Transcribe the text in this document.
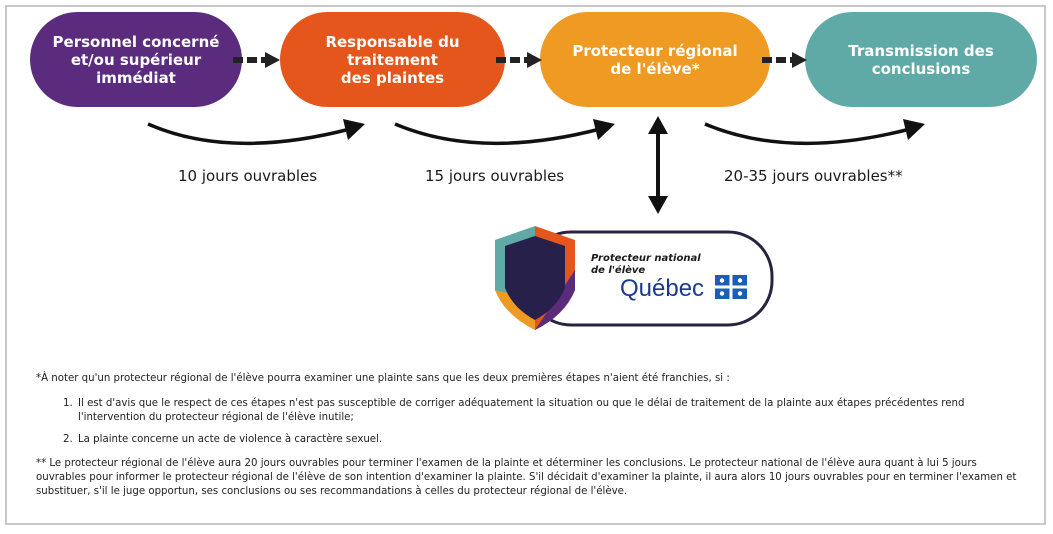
Personnel concerné
et/ou supérieur
immédiat
Responsable du
traitement
des plaintes
Protecteur régional
de l'élève*
Transmission des
conclusions
10 jours ouvrables	15 jours ouvrables	20-35 jours ouvrables**
Protecteur national
de l'élève
Québec

*À noter qu'un protecteur régional de l'élève pourra examiner une plainte sans que les deux premières étapes n'aient été franchies, si :

1. Il est d'avis que le respect de ces étapes n'est pas susceptible de corriger adéquatement la situation ou que le délai de traitement de la plainte aux étapes précédentes rend l'intervention du protecteur régional de l'élève inutile;
2. La plainte concerne un acte de violence à caractère sexuel.

** Le protecteur régional de l'élève aura 20 jours ouvrables pour terminer l'examen de la plainte et déterminer les conclusions. Le protecteur national de l'élève aura quant à lui 5 jours ouvrables pour informer le protecteur régional de l'élève de son intention d'examiner la plainte. S'il décidait d'examiner la plainte, il aura alors 10 jours ouvrables pour en terminer l'examen et substituer, s'il le juge opportun, ses conclusions ou ses recommandations à celles du protecteur régional de l'élève.
